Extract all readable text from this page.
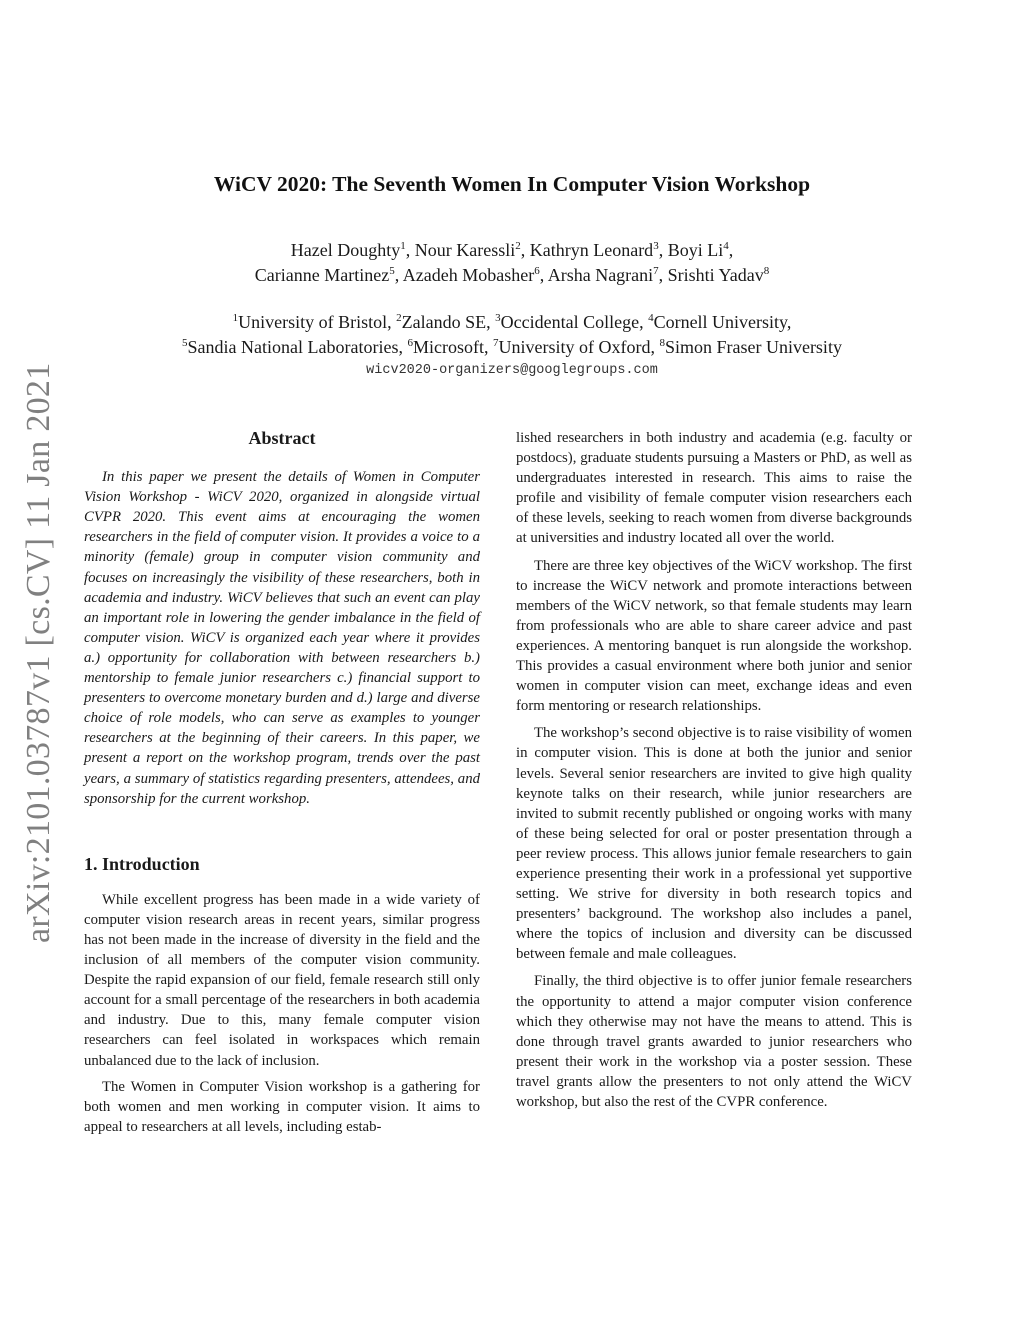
arXiv:2101.03787v1 [cs.CV] 11 Jan 2021
WiCV 2020: The Seventh Women In Computer Vision Workshop
Hazel Doughty$^1$, Nour Karessli$^2$, Kathryn Leonard$^3$, Boyi Li$^4$,
Carianne Martinez$^5$, Azadeh Mobasher$^6$, Arsha Nagrani$^7$, Srishti Yadav$^8$
$^1$University of Bristol, $^2$Zalando SE, $^3$Occidental College, $^4$Cornell University,
$^5$Sandia National Laboratories, $^6$Microsoft, $^7$University of Oxford, $^8$Simon Fraser University
wicv2020-organizers@googlegroups.com
Abstract

In this paper we present the details of Women in Computer Vision Workshop - WiCV 2020, organized in alongside virtual CVPR 2020. This event aims at encouraging the women researchers in the field of computer vision. It provides a voice to a minority (female) group in computer vision community and focuses on increasingly the visibility of these researchers, both in academia and industry. WiCV believes that such an event can play an important role in lowering the gender imbalance in the field of computer vision. WiCV is organized each year where it provides a.) opportunity for collaboration with between researchers b.) mentorship to female junior researchers c.) financial support to presenters to overcome monetary burden and d.) large and diverse choice of role models, who can serve as examples to younger researchers at the beginning of their careers. In this paper, we present a report on the workshop program, trends over the past years, a summary of statistics regarding presenters, attendees, and sponsorship for the current workshop.

1. Introduction

While excellent progress has been made in a wide variety of computer vision research areas in recent years, similar progress has not been made in the increase of diversity in the field and the inclusion of all members of the computer vision community. Despite the rapid expansion of our field, female research still only account for a small percentage of the researchers in both academia and industry. Due to this, many female computer vision researchers can feel isolated in workspaces which remain unbalanced due to the lack of inclusion.

The Women in Computer Vision workshop is a gathering for both women and men working in computer vision. It aims to appeal to researchers at all levels, including estab-

lished researchers in both industry and academia (e.g. faculty or postdocs), graduate students pursuing a Masters or PhD, as well as undergraduates interested in research. This aims to raise the profile and visibility of female computer vision researchers each of these levels, seeking to reach women from diverse backgrounds at universities and industry located all over the world.

There are three key objectives of the WiCV workshop. The first to increase the WiCV network and promote interactions between members of the WiCV network, so that female students may learn from professionals who are able to share career advice and past experiences. A mentoring banquet is run alongside the workshop. This provides a casual environment where both junior and senior women in computer vision can meet, exchange ideas and even form mentoring or research relationships.

The workshop’s second objective is to raise visibility of women in computer vision. This is done at both the junior and senior levels. Several senior researchers are invited to give high quality keynote talks on their research, while junior researchers are invited to submit recently published or ongoing works with many of these being selected for oral or poster presentation through a peer review process. This allows junior female researchers to gain experience presenting their work in a professional yet supportive setting. We strive for diversity in both research topics and presenters’ background. The workshop also includes a panel, where the topics of inclusion and diversity can be discussed between female and male colleagues.

Finally, the third objective is to offer junior female researchers the opportunity to attend a major computer vision conference which they otherwise may not have the means to attend. This is done through travel grants awarded to junior researchers who present their work in the workshop via a poster session. These travel grants allow the presenters to not only attend the WiCV workshop, but also the rest of the CVPR conference.
